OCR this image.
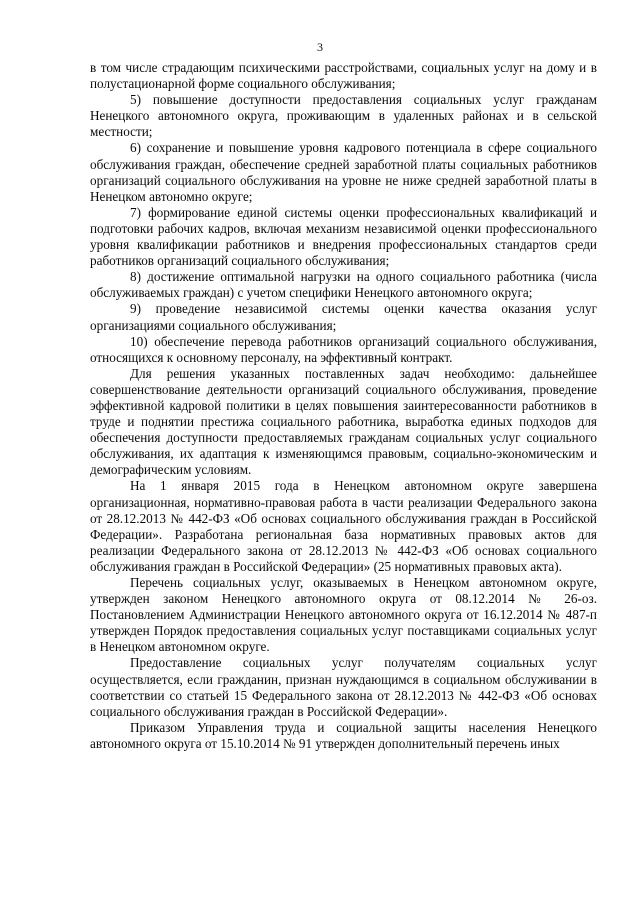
3

в том числе страдающим психическими расстройствами, социальных услуг на дому и в полустационарной форме социального обслуживания;

5) повышение доступности предоставления социальных услуг гражданам Ненецкого автономного округа, проживающим в удаленных районах и в сельской местности;

6) сохранение и повышение уровня кадрового потенциала в сфере социального обслуживания граждан, обеспечение средней заработной платы социальных работников организаций социального обслуживания на уровне не ниже средней заработной платы в Ненецком автономно округе;

7) формирование единой системы оценки профессиональных квалификаций и подготовки рабочих кадров, включая механизм независимой оценки профессионального уровня квалификации работников и внедрения профессиональных стандартов среди работников организаций социального обслуживания;

8) достижение оптимальной нагрузки на одного социального работника (числа обслуживаемых граждан) с учетом специфики Ненецкого автономного округа;

9) проведение независимой системы оценки качества оказания услуг организациями социального обслуживания;

10) обеспечение перевода работников организаций социального обслуживания, относящихся к основному персоналу, на эффективный контракт.

Для решения указанных поставленных задач необходимо: дальнейшее совершенствование деятельности организаций социального обслуживания, проведение эффективной кадровой политики в целях повышения заинтересованности работников в труде и поднятии престижа социального работника, выработка единых подходов для обеспечения доступности предоставляемых гражданам социальных услуг социального обслуживания, их адаптация к изменяющимся правовым, социально-экономическим и демографическим условиям.

На 1 января 2015 года в Ненецком автономном округе завершена организационная, нормативно-правовая работа в части реализации Федерального закона от 28.12.2013 № 442-ФЗ «Об основах социального обслуживания граждан в Российской Федерации». Разработана региональная база нормативных правовых актов для реализации Федерального закона от 28.12.2013 № 442-ФЗ «Об основах социального обслуживания граждан в Российской Федерации» (25 нормативных правовых акта).

Перечень социальных услуг, оказываемых в Ненецком автономном округе, утвержден законом Ненецкого автономного округа от 08.12.2014 № 26-оз. Постановлением Администрации Ненецкого автономного округа от 16.12.2014 № 487-п утвержден Порядок предоставления социальных услуг поставщиками социальных услуг в Ненецком автономном округе.

Предоставление социальных услуг получателям социальных услуг осуществляется, если гражданин, признан нуждающимся в социальном обслуживании в соответствии со статьей 15 Федерального закона от 28.12.2013 № 442-ФЗ «Об основах социального обслуживания граждан в Российской Федерации».

Приказом Управления труда и социальной защиты населения Ненецкого автономного округа от 15.10.2014 № 91 утвержден дополнительный перечень иных
